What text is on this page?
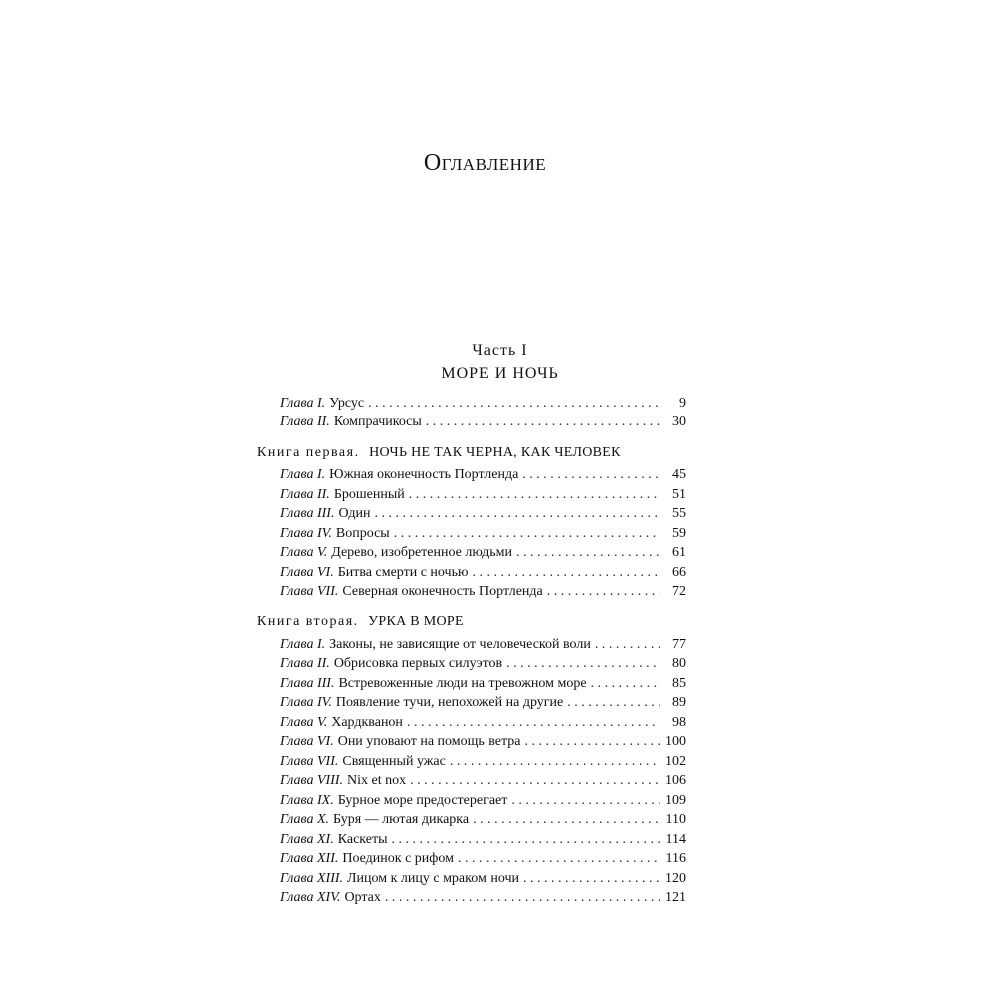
Оглавление
Часть I
МОРЕ И НОЧЬ
Глава I. Урсус . . .	9
Глава II. Компрачикосы . . .	30
Книга первая. НОЧЬ НЕ ТАК ЧЕРНА, КАК ЧЕЛОВЕК
Глава I. Южная оконечность Портленда . . .	45
Глава II. Брошенный . . .	51
Глава III. Один . . .	55
Глава IV. Вопросы . . .	59
Глава V. Дерево, изобретенное людьми . . .	61
Глава VI. Битва смерти с ночью . . .	66
Глава VII. Северная оконечность Портленда . . .	72
Книга вторая. УРКА В МОРЕ
Глава I. Законы, не зависящие от человеческой воли . . .	77
Глава II. Обрисовка первых силуэтов . . .	80
Глава III. Встревоженные люди на тревожном море . . .	85
Глава IV. Появление тучи, непохожей на другие . . .	89
Глава V. Хардкванон . . .	98
Глава VI. Они уповают на помощь ветра . . .	100
Глава VII. Священный ужас . . .	102
Глава VIII. Nix et nox . . .	106
Глава IX. Бурное море предостерегает . . .	109
Глава X. Буря — лютая дикарка . . .	110
Глава XI. Каскеты . . .	114
Глава XII. Поединок с рифом . . .	116
Глава XIII. Лицом к лицу с мраком ночи . . .	120
Глава XIV. Ортах . . .	121
